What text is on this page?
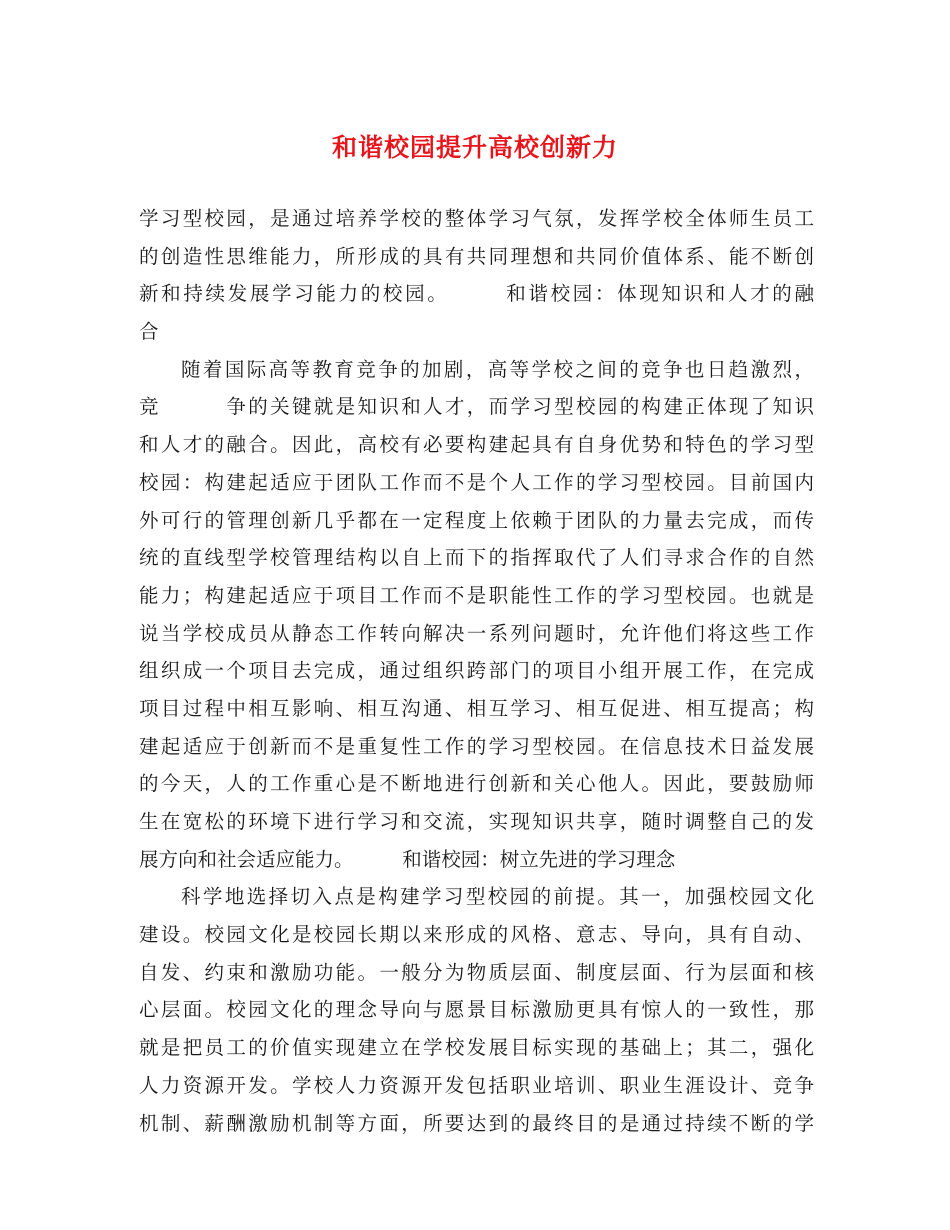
和谐校园提升高校创新力
学习型校园，是通过培养学校的整体学习气氛，发挥学校全体师生员工
的创造性思维能力，所形成的具有共同理想和共同价值体系、能不断创
新和持续发展学习能力的校园。　　　和谐校园：体现知识和人才的融
合
随着国际高等教育竞争的加剧，高等学校之间的竞争也日趋激烈，
竞　　　争的关键就是知识和人才，而学习型校园的构建正体现了知识
和人才的融合。因此，高校有必要构建起具有自身优势和特色的学习型
校园：构建起适应于团队工作而不是个人工作的学习型校园。目前国内
外可行的管理创新几乎都在一定程度上依赖于团队的力量去完成，而传
统的直线型学校管理结构以自上而下的指挥取代了人们寻求合作的自然
能力；构建起适应于项目工作而不是职能性工作的学习型校园。也就是
说当学校成员从静态工作转向解决一系列问题时，允许他们将这些工作
组织成一个项目去完成，通过组织跨部门的项目小组开展工作，在完成
项目过程中相互影响、相互沟通、相互学习、相互促进、相互提高；构
建起适应于创新而不是重复性工作的学习型校园。在信息技术日益发展
的今天，人的工作重心是不断地进行创新和关心他人。因此，要鼓励师
生在宽松的环境下进行学习和交流，实现知识共享，随时调整自己的发
展方向和社会适应能力。　　　和谐校园：树立先进的学习理念
科学地选择切入点是构建学习型校园的前提。其一，加强校园文化
建设。校园文化是校园长期以来形成的风格、意志、导向，具有自动、
自发、约束和激励功能。一般分为物质层面、制度层面、行为层面和核
心层面。校园文化的理念导向与愿景目标激励更具有惊人的一致性，那
就是把员工的价值实现建立在学校发展目标实现的基础上；其二，强化
人力资源开发。学校人力资源开发包括职业培训、职业生涯设计、竞争
机制、薪酬激励机制等方面，所要达到的最终目的是通过持续不断的学
